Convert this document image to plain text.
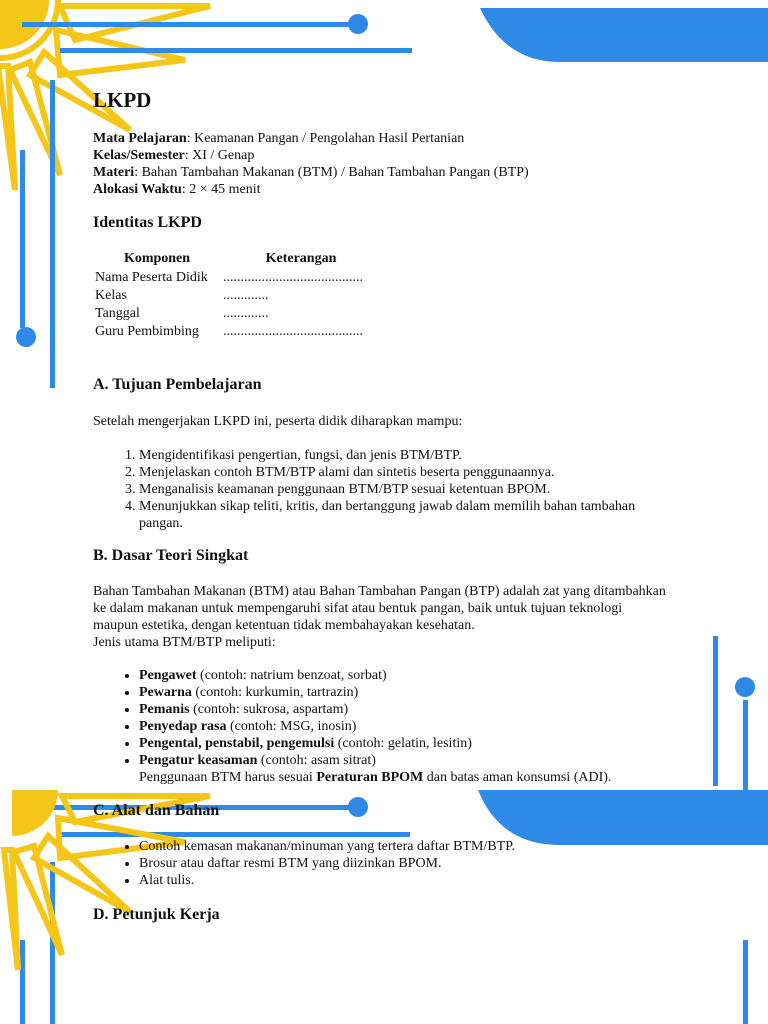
LKPD
Mata Pelajaran: Keamanan Pangan / Pengolahan Hasil Pertanian
Kelas/Semester: XI / Genap
Materi: Bahan Tambahan Makanan (BTM) / Bahan Tambahan Pangan (BTP)
Alokasi Waktu: 2 × 45 menit
Identitas LKPD
Komponen	Keterangan
Nama Peserta Didik	........................................
Kelas	.............
Tanggal	.............
Guru Pembimbing	........................................
A. Tujuan Pembelajaran

Setelah mengerjakan LKPD ini, peserta didik diharapkan mampu:

1. Mengidentifikasi pengertian, fungsi, dan jenis BTM/BTP.
2. Menjelaskan contoh BTM/BTP alami dan sintetis beserta penggunaannya.
3. Menganalisis keamanan penggunaan BTM/BTP sesuai ketentuan BPOM.
4. Menunjukkan sikap teliti, kritis, dan bertanggung jawab dalam memilih bahan tambahan pangan.
B. Dasar Teori Singkat

Bahan Tambahan Makanan (BTM) atau Bahan Tambahan Pangan (BTP) adalah zat yang ditambahkan ke dalam makanan untuk mempengaruhi sifat atau bentuk pangan, baik untuk tujuan teknologi maupun estetika, dengan ketentuan tidak membahayakan kesehatan.

Jenis utama BTM/BTP meliputi:

• Pengawet (contoh: natrium benzoat, sorbat)
• Pewarna (contoh: kurkumin, tartrazin)
• Pemanis (contoh: sukrosa, aspartam)
• Penyedap rasa (contoh: MSG, inosin)
• Pengental, penstabil, pengemulsi (contoh: gelatin, lesitin)
• Pengatur keasaman (contoh: asam sitrat)
Penggunaan BTM harus sesuai Peraturan BPOM dan batas aman konsumsi (ADI).
C. Alat dan Bahan
• Contoh kemasan makanan/minuman yang tertera daftar BTM/BTP.
• Brosur atau daftar resmi BTM yang diizinkan BPOM.
• Alat tulis.
D. Petunjuk Kerja
